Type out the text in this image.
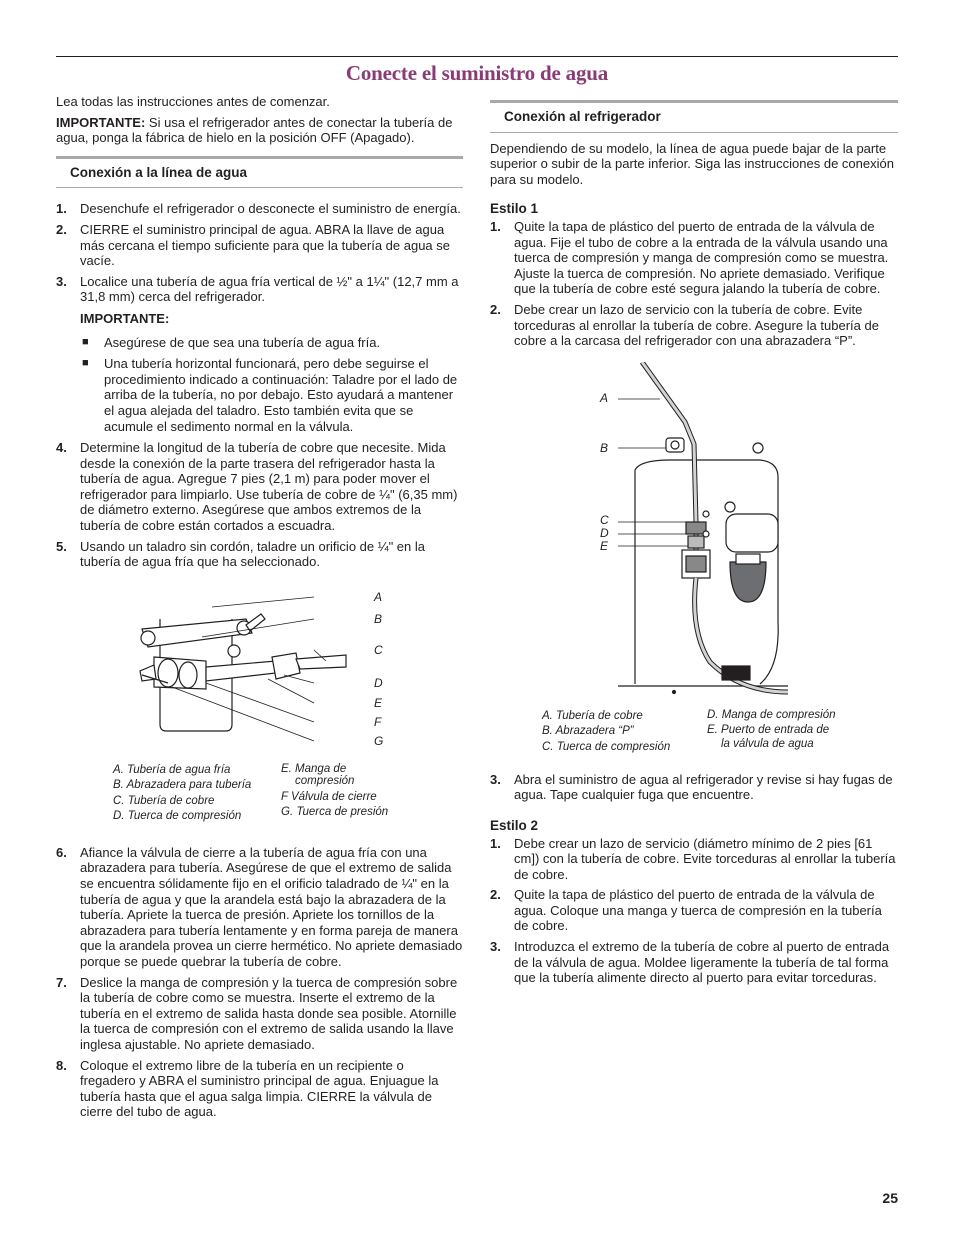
Conecte el suministro de agua

Lea todas las instrucciones antes de comenzar.

IMPORTANTE: Si usa el refrigerador antes de conectar la tubería de agua, ponga la fábrica de hielo en la posición OFF (Apagado).

Conexión a la línea de agua
1. Desenchufe el refrigerador o desconecte el suministro de energía.
2. CIERRE el suministro principal de agua. ABRA la llave de agua más cercana el tiempo suficiente para que la tubería de agua se vacíe.
3. Localice una tubería de agua fría vertical de ½" a 1¼" (12,7 mm a 31,8 mm) cerca del refrigerador.

IMPORTANTE:

■ Asegúrese de que sea una tubería de agua fría.
■ Una tubería horizontal funcionará, pero debe seguirse el procedimiento indicado a continuación: Taladre por el lado de arriba de la tubería, no por debajo. Esto ayudará a mantener el agua alejada del taladro. Esto también evita que se acumule el sedimento normal en la válvula.
4. Determine la longitud de la tubería de cobre que necesite. Mida desde la conexión de la parte trasera del refrigerador hasta la tubería de agua. Agregue 7 pies (2,1 m) para poder mover el refrigerador para limpiarlo. Use tubería de cobre de ¼" (6,35 mm) de diámetro externo. Asegúrese que ambos extremos de la tubería de cobre están cortados a escuadra.
5. Usando un taladro sin cordón, taladre un orificio de ¼" en la tubería de agua fría que ha seleccionado.
A
B
C
D
E
F
G
A. Tubería de agua fría
B. Abrazadera para tubería
C. Tubería de cobre
D. Tuerca de compresión
E. Manga de
compresión
F Válvula de cierre
G. Tuerca de presión
6. Afiance la válvula de cierre a la tubería de agua fría con una abrazadera para tubería. Asegúrese de que el extremo de salida se encuentra sólidamente fijo en el orificio taladrado de ¼" en la tubería de agua y que la arandela está bajo la abrazadera de la tubería. Apriete la tuerca de presión. Apriete los tornillos de la abrazadera para tubería lentamente y en forma pareja de manera que la arandela provea un cierre hermético. No apriete demasiado porque se puede quebrar la tubería de cobre.
7. Deslice la manga de compresión y la tuerca de compresión sobre la tubería de cobre como se muestra. Inserte el extremo de la tubería en el extremo de salida hasta donde sea posible. Atornille la tuerca de compresión con el extremo de salida usando la llave inglesa ajustable. No apriete demasiado.
8. Coloque el extremo libre de la tubería en un recipiente o fregadero y ABRA el suministro principal de agua. Enjuague la tubería hasta que el agua salga limpia. CIERRE la válvula de cierre del tubo de agua.
Conexión al refrigerador

Dependiendo de su modelo, la línea de agua puede bajar de la parte superior o subir de la parte inferior. Siga las instrucciones de conexión para su modelo.

Estilo 1

1. Quite la tapa de plástico del puerto de entrada de la válvula de agua. Fije el tubo de cobre a la entrada de la válvula usando una tuerca de compresión y manga de compresión como se muestra. Ajuste la tuerca de compresión. No apriete demasiado. Verifique que la tubería de cobre esté segura jalando la tubería de cobre.
2. Debe crear un lazo de servicio con la tubería de cobre. Evite torceduras al enrollar la tubería de cobre. Asegure la tubería de cobre a la carcasa del refrigerador con una abrazadera “P”.
A
B
C
D
E
A. Tubería de cobre
B. Abrazadera “P”
C. Tuerca de compresión
D. Manga de compresión
E. Puerto de entrada de
la válvula de agua
3. Abra el suministro de agua al refrigerador y revise si hay fugas de agua. Tape cualquier fuga que encuentre.

Estilo 2

1. Debe crear un lazo de servicio (diámetro mínimo de 2 pies [61 cm]) con la tubería de cobre. Evite torceduras al enrollar la tubería de cobre.
2. Quite la tapa de plástico del puerto de entrada de la válvula de agua. Coloque una manga y tuerca de compresión en la tubería de cobre.
3. Introduzca el extremo de la tubería de cobre al puerto de entrada de la válvula de agua. Moldee ligeramente la tubería de tal forma que la tubería alimente directo al puerto para evitar torceduras.
25
